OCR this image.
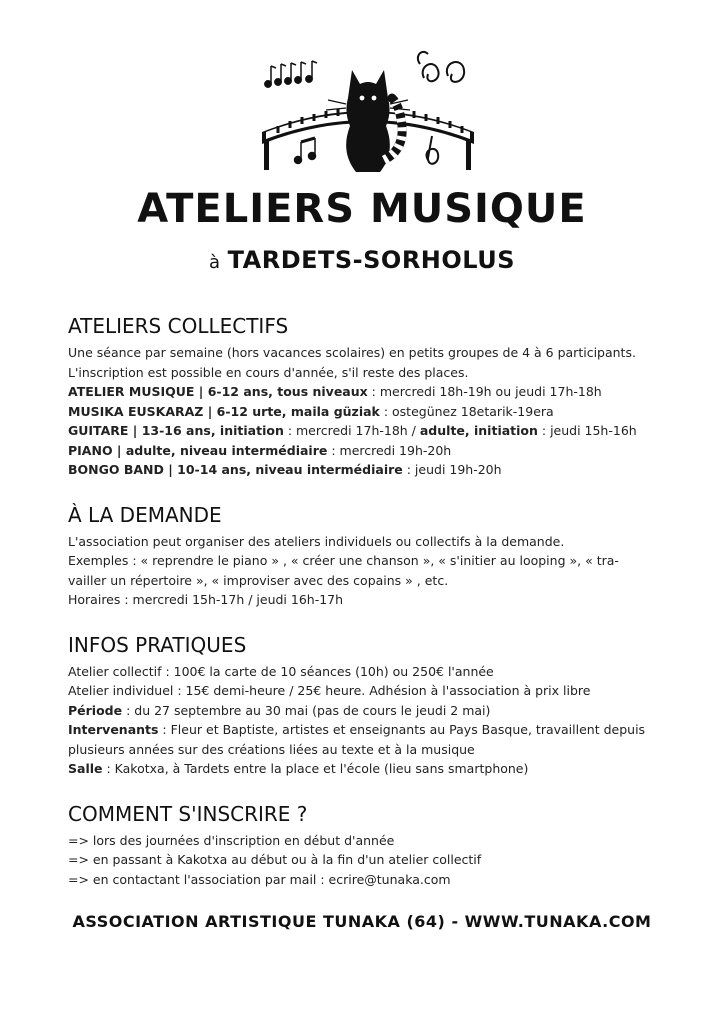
ATELIERS MUSIQUE
à TARDETS-SORHOLUS
ATELIERS COLLECTIFS
Une séance par semaine (hors vacances scolaires) en petits groupes de 4 à 6 participants.
L'inscription est possible en cours d'année, s'il reste des places.
ATELIER MUSIQUE | 6-12 ans, tous niveaux : mercredi 18h-19h ou jeudi 17h-18h
MUSIKA EUSKARAZ | 6-12 urte, maila güziak : ostegünez 18etarik-19era
GUITARE | 13-16 ans, initiation : mercredi 17h-18h / adulte, initiation : jeudi 15h-16h
PIANO | adulte, niveau intermédiaire : mercredi 19h-20h
BONGO BAND | 10-14 ans, niveau intermédiaire : jeudi 19h-20h
À LA DEMANDE
L'association peut organiser des ateliers individuels ou collectifs à la demande.
Exemples : « reprendre le piano » , « créer une chanson », « s'initier au looping », « tra-
vailler un répertoire », « improviser avec des copains » , etc.
Horaires : mercredi 15h-17h / jeudi 16h-17h
INFOS PRATIQUES
Atelier collectif : 100€ la carte de 10 séances (10h) ou 250€ l'année
Atelier individuel : 15€ demi-heure / 25€ heure. Adhésion à l'association à prix libre
Période : du 27 septembre au 30 mai (pas de cours le jeudi 2 mai)
Intervenants : Fleur et Baptiste, artistes et enseignants au Pays Basque, travaillent depuis
plusieurs années sur des créations liées au texte et à la musique
Salle : Kakotxa, à Tardets entre la place et l'école (lieu sans smartphone)
COMMENT S'INSCRIRE ?
=> lors des journées d'inscription en début d'année
=> en passant à Kakotxa au début ou à la fin d'un atelier collectif
=> en contactant l'association par mail : ecrire@tunaka.com
ASSOCIATION ARTISTIQUE TUNAKA (64) - WWW.TUNAKA.COM
